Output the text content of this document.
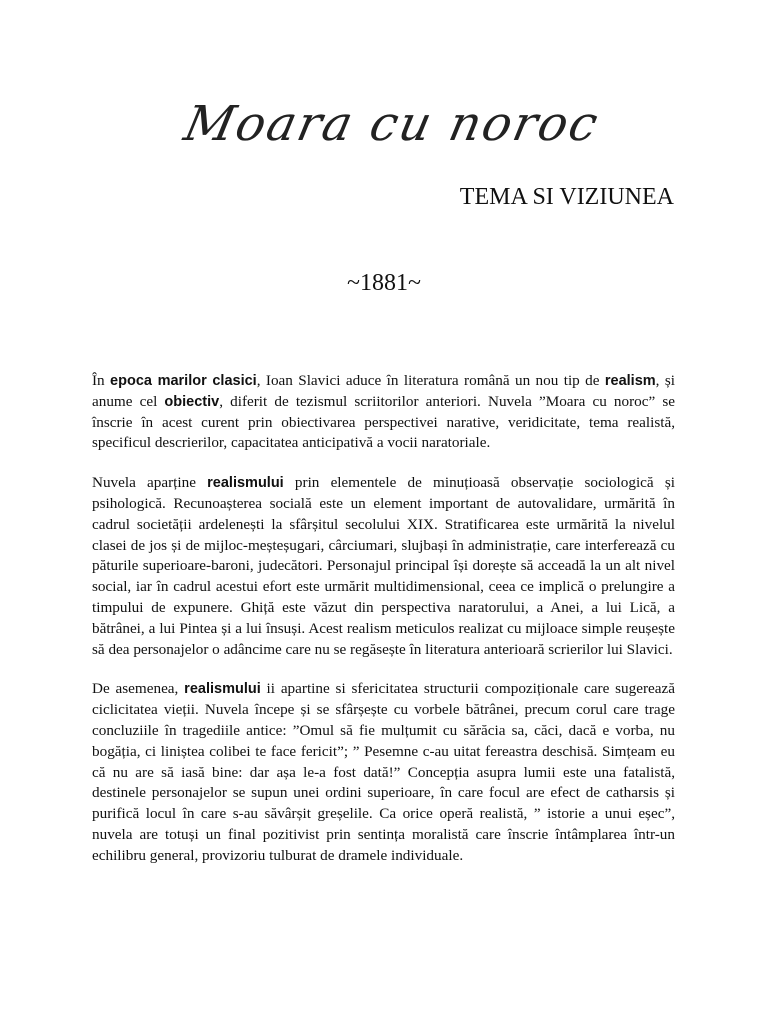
Moara cu noroc
TEMA SI VIZIUNEA
~1881~

În epoca marilor clasici, Ioan Slavici aduce în literatura română un nou tip de realism, și anume cel obiectiv, diferit de tezismul scriitorilor anteriori. Nuvela ”Moara cu noroc” se înscrie în acest curent prin obiectivarea perspectivei narative, veridicitate, tema realistă, specificul descrierilor, capacitatea anticipativă a vocii naratoriale.

Nuvela aparține realismului prin elementele de minuțioasă observație sociologică și psihologică. Recunoașterea socială este un element important de autovalidare, urmărită în cadrul societății ardelenești la sfârșitul secolului XIX. Stratificarea este urmărită la nivelul clasei de jos și de mijloc-meșteșugari, cârciumari, slujbași în administrație, care interferează cu păturile superioare-baroni, judecători. Personajul principal își dorește să acceadă la un alt nivel social, iar în cadrul acestui efort este urmărit multidimensional, ceea ce implică o prelungire a timpului de expunere. Ghiță este văzut din perspectiva naratorului, a Anei, a lui Lică, a bătrânei, a lui Pintea și a lui însuși. Acest realism meticulos realizat cu mijloace simple reușește să dea personajelor o adâncime care nu se regăsește în literatura anterioară scrierilor lui Slavici.

De asemenea, realismului ii apartine si sfericitatea structurii compoziționale care sugerează ciclicitatea vieții. Nuvela începe și se sfârșește cu vorbele bătrânei, precum corul care trage concluziile în tragediile antice: ”Omul să fie mulțumit cu sărăcia sa, căci, dacă e vorba, nu bogăția, ci liniștea colibei te face fericit”; ” Pesemne c-au uitat fereastra deschisă. Simțeam eu că nu are să iasă bine: dar așa le-a fost dată!” Concepția asupra lumii este una fatalistă, destinele personajelor se supun unei ordini superioare, în care focul are efect de catharsis și purifică locul în care s-au săvârșit greșelile. Ca orice operă realistă, ” istorie a unui eșec”, nuvela are totuși un final pozitivist prin sentința moralistă care înscrie întâmplarea într-un echilibru general, provizoriu tulburat de dramele individuale.
